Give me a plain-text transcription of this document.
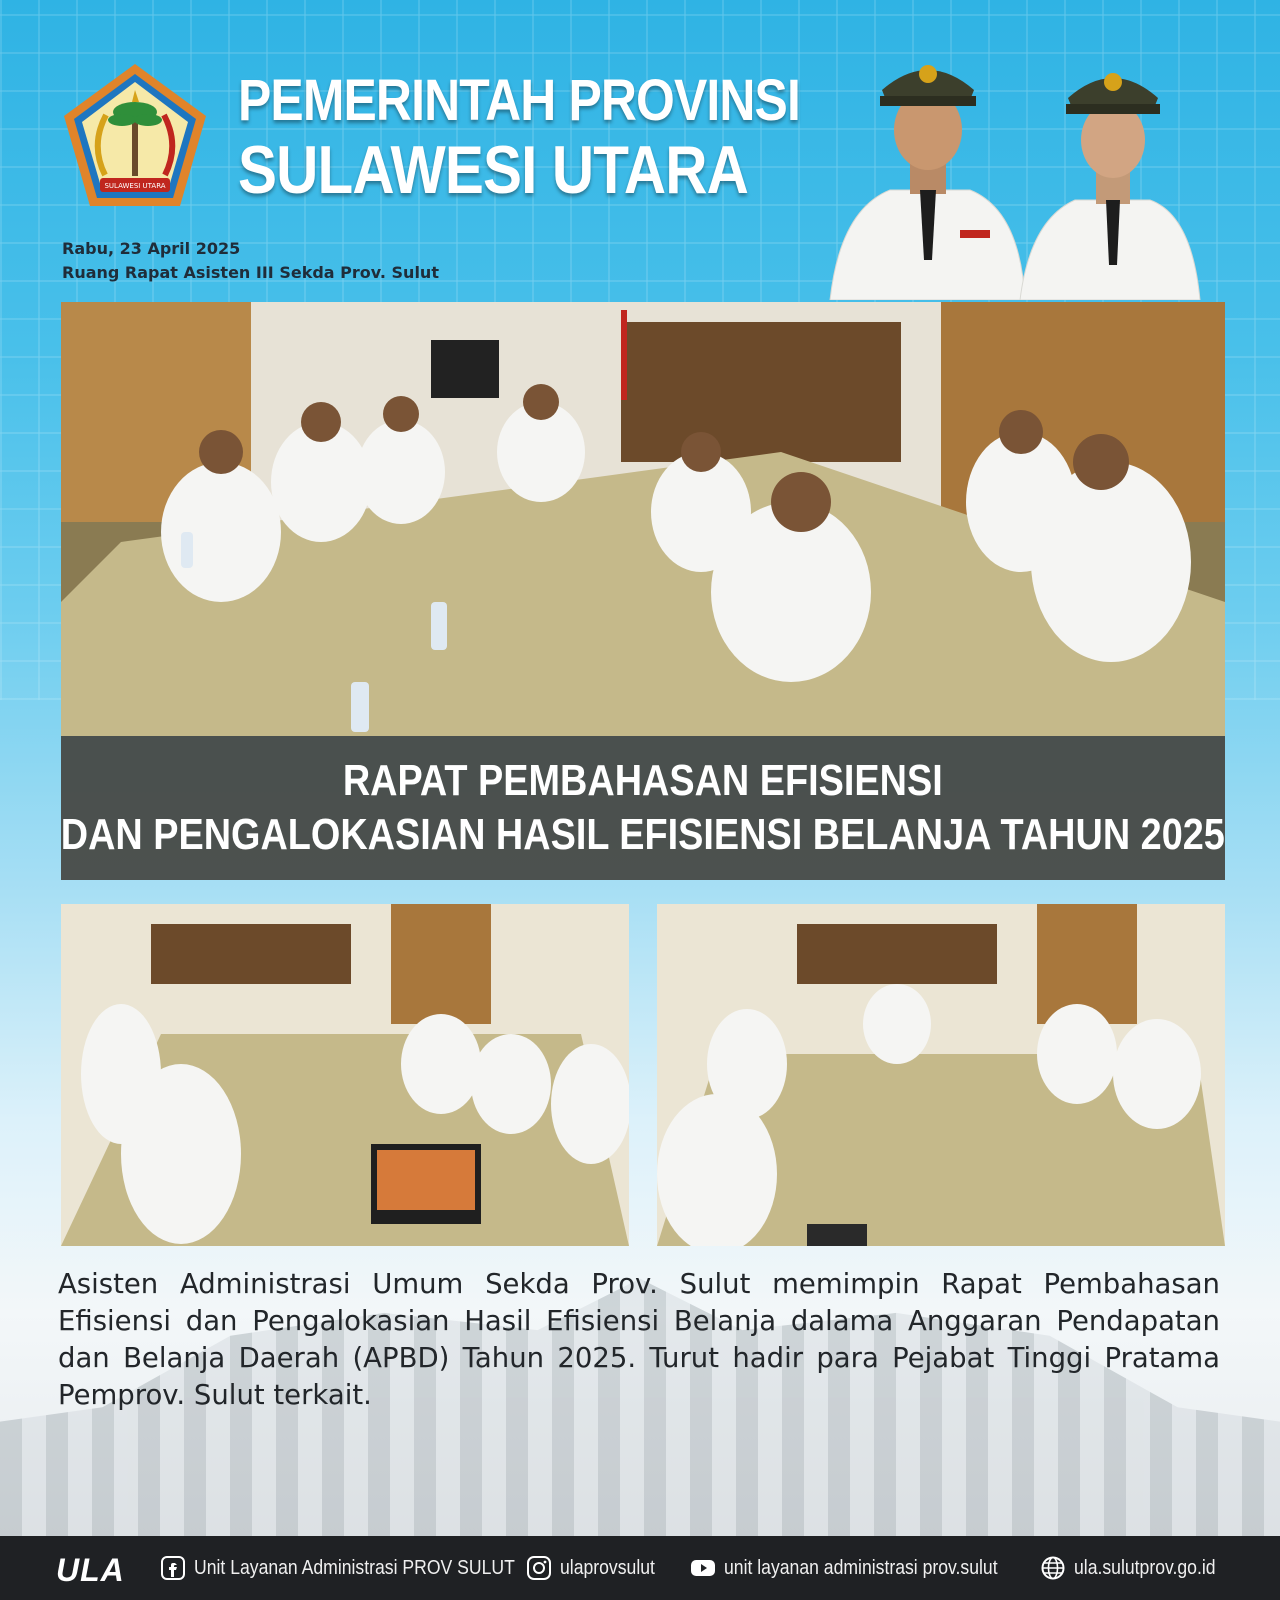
SULAWESI UTARA
PEMERINTAH PROVINSI
SULAWESI UTARA
Rabu, 23 April 2025
Ruang Rapat Asisten III Sekda Prov. Sulut
RAPAT PEMBAHASAN EFISIENSI
DAN PENGALOKASIAN HASIL EFISIENSI BELANJA TAHUN 2025
Asisten Administrasi Umum Sekda Prov. Sulut memimpin Rapat Pembahasan Efisiensi dan Pengalokasian Hasil Efisiensi Belanja dalama Anggaran Pendapatan dan Belanja Daerah (APBD) Tahun 2025. Turut hadir para Pejabat Tinggi Pratama Pemprov. Sulut terkait.
ULA	Unit Layanan Administrasi PROV SULUT ulaprovsulut	unit layanan administrasi prov.sulut	ula.sulutprov.go.id
